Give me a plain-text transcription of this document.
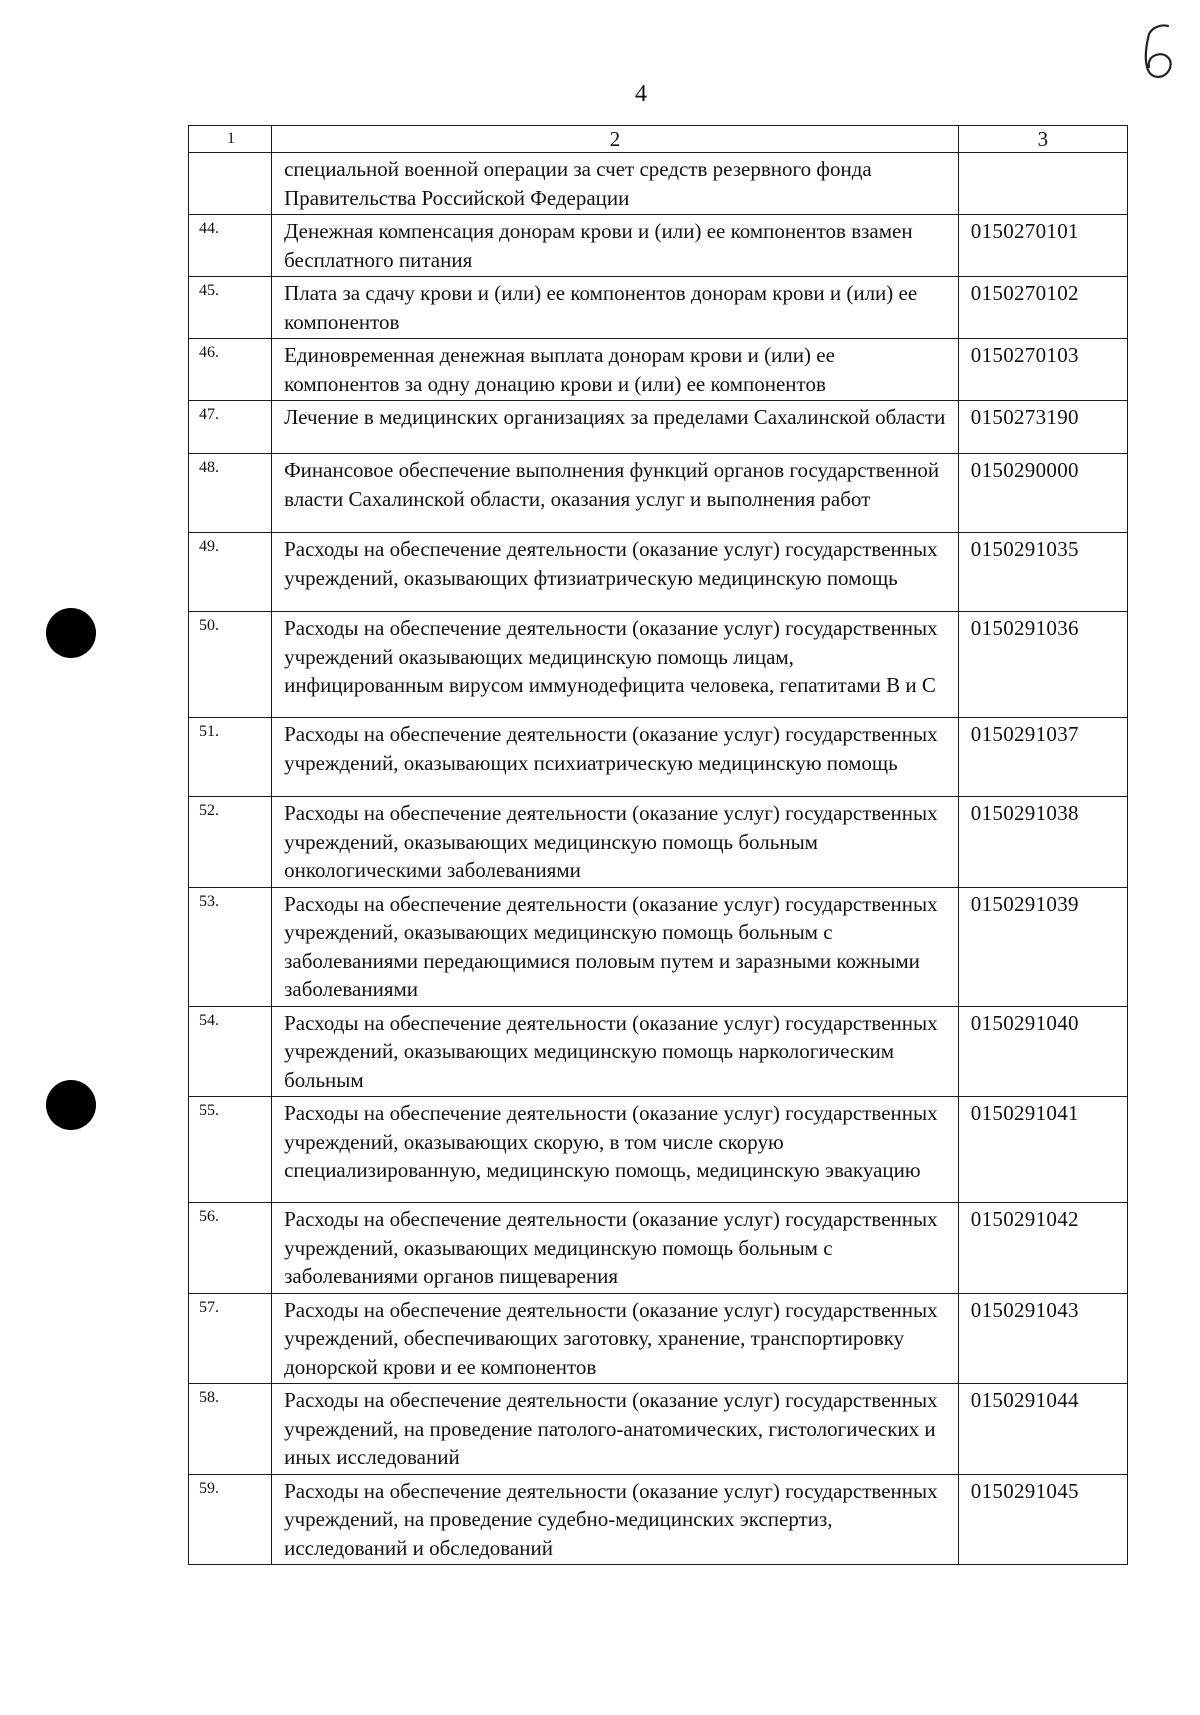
4
1	2	3
	специальной военной операции за счет средств резервного фонда Правительства Российской Федерации	
44.	Денежная компенсация донорам крови и (или) ее компонентов взамен бесплатного питания	0150270101
45.	Плата за сдачу крови и (или) ее компонентов донорам крови и (или) ее компонентов	0150270102
46.	Единовременная денежная выплата донорам крови и (или) ее компонентов за одну донацию крови и (или) ее компонентов	0150270103
47.	Лечение в медицинских организациях за пределами Сахалинской области	0150273190
48.	Финансовое обеспечение выполнения функций органов государственной власти Сахалинской области, оказания услуг и выполнения работ	0150290000
49.	Расходы на обеспечение деятельности (оказание услуг) государственных учреждений, оказывающих фтизиатрическую медицинскую помощь	0150291035
50.	Расходы на обеспечение деятельности (оказание услуг) государственных учреждений оказывающих медицинскую помощь лицам, инфицированным вирусом иммунодефицита человека, гепатитами В и С	0150291036
51.	Расходы на обеспечение деятельности (оказание услуг) государственных учреждений, оказывающих психиатрическую медицинскую помощь	0150291037
52.	Расходы на обеспечение деятельности (оказание услуг) государственных учреждений, оказывающих медицинскую помощь больным онкологическими заболеваниями	0150291038
53.	Расходы на обеспечение деятельности (оказание услуг) государственных учреждений, оказывающих медицинскую помощь больным с заболеваниями передающимися половым путем и заразными кожными заболеваниями	0150291039
54.	Расходы на обеспечение деятельности (оказание услуг) государственных учреждений, оказывающих медицинскую помощь наркологическим больным	0150291040
55.	Расходы на обеспечение деятельности (оказание услуг) государственных учреждений, оказывающих скорую, в том числе скорую специализированную, медицинскую помощь, медицинскую эвакуацию	0150291041
56.	Расходы на обеспечение деятельности (оказание услуг) государственных учреждений, оказывающих медицинскую помощь больным с заболеваниями органов пищеварения	0150291042
57.	Расходы на обеспечение деятельности (оказание услуг) государственных учреждений, обеспечивающих заготовку, хранение, транспортировку донорской крови и ее компонентов	0150291043
58.	Расходы на обеспечение деятельности (оказание услуг) государственных учреждений, на проведение патолого-анатомических, гистологических и иных исследований	0150291044
59.	Расходы на обеспечение деятельности (оказание услуг) государственных учреждений, на проведение судебно-медицинских экспертиз, исследований и обследований	0150291045
